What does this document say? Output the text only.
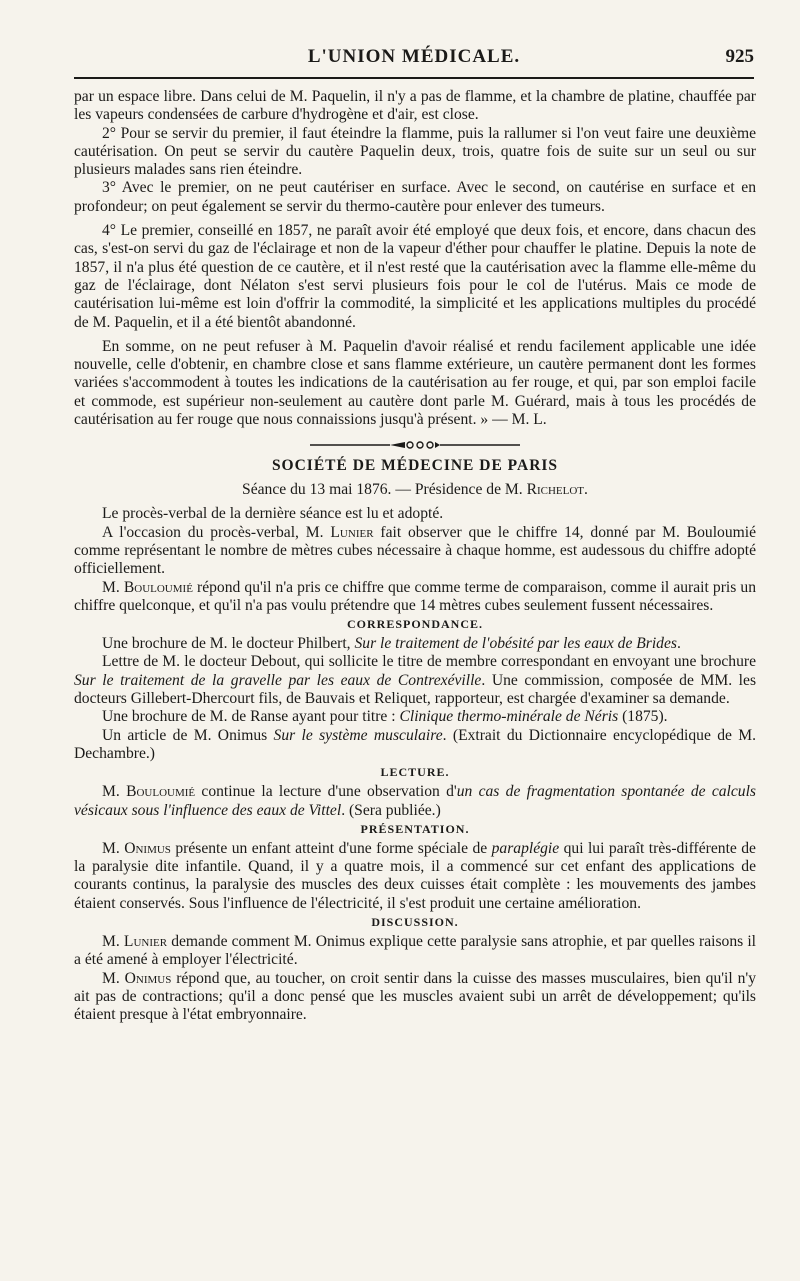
L'UNION MÉDICALE.	925

par un espace libre. Dans celui de M. Paquelin, il n'y a pas de flamme, et la chambre de platine, chauffée par les vapeurs condensées de carbure d'hydrogène et d'air, est close.

2° Pour se servir du premier, il faut éteindre la flamme, puis la rallumer si l'on veut faire une deuxième cautérisation. On peut se servir du cautère Paquelin deux, trois, quatre fois de suite sur un seul ou sur plusieurs malades sans rien éteindre.

3° Avec le premier, on ne peut cautériser en surface. Avec le second, on cautérise en surface et en profondeur; on peut également se servir du thermo-cautère pour enlever des tumeurs.

4° Le premier, conseillé en 1857, ne paraît avoir été employé que deux fois, et encore, dans chacun des cas, s'est-on servi du gaz de l'éclairage et non de la vapeur d'éther pour chauffer le platine. Depuis la note de 1857, il n'a plus été question de ce cautère, et il n'est resté que la cautérisation avec la flamme elle-même du gaz de l'éclairage, dont Nélaton s'est servi plusieurs fois pour le col de l'utérus. Mais ce mode de cautérisation lui-même est loin d'offrir la commodité, la simplicité et les applications multiples du procédé de M. Paquelin, et il a été bientôt abandonné.

En somme, on ne peut refuser à M. Paquelin d'avoir réalisé et rendu facilement applicable une idée nouvelle, celle d'obtenir, en chambre close et sans flamme extérieure, un cautère permanent dont les formes variées s'accommodent à toutes les indications de la cautérisation au fer rouge, et qui, par son emploi facile et commode, est supérieur non-seulement au cautère dont parle M. Guérard, mais à tous les procédés de cautérisation au fer rouge que nous connaissions jusqu'à présent. » — M. L.

SOCIÉTÉ DE MÉDECINE DE PARIS
Séance du 13 mai 1876. — Présidence de M. Richelot.

Le procès-verbal de la dernière séance est lu et adopté.

A l'occasion du procès-verbal, M. Lunier fait observer que le chiffre 14, donné par M. Bouloumié comme représentant le nombre de mètres cubes nécessaire à chaque homme, est audessous du chiffre adopté officiellement.

M. Bouloumié répond qu'il n'a pris ce chiffre que comme terme de comparaison, comme il aurait pris un chiffre quelconque, et qu'il n'a pas voulu prétendre que 14 mètres cubes seulement fussent nécessaires.

CORRESPONDANCE.

Une brochure de M. le docteur Philbert, Sur le traitement de l'obésité par les eaux de Brides.

Lettre de M. le docteur Debout, qui sollicite le titre de membre correspondant en envoyant une brochure Sur le traitement de la gravelle par les eaux de Contrexéville. Une commission, composée de MM. les docteurs Gillebert-Dhercourt fils, de Bauvais et Reliquet, rapporteur, est chargée d'examiner sa demande.

Une brochure de M. de Ranse ayant pour titre : Clinique thermo-minérale de Néris (1875).

Un article de M. Onimus Sur le système musculaire. (Extrait du Dictionnaire encyclopédique de M. Dechambre.)

LECTURE.

M. Bouloumié continue la lecture d'une observation d'un cas de fragmentation spontanée de calculs vésicaux sous l'influence des eaux de Vittel. (Sera publiée.)

PRÉSENTATION.

M. Onimus présente un enfant atteint d'une forme spéciale de paraplégie qui lui paraît très-différente de la paralysie dite infantile. Quand, il y a quatre mois, il a commencé sur cet enfant des applications de courants continus, la paralysie des muscles des deux cuisses était complète : les mouvements des jambes étaient conservés. Sous l'influence de l'électricité, il s'est produit une certaine amélioration.

DISCUSSION.

M. Lunier demande comment M. Onimus explique cette paralysie sans atrophie, et par quelles raisons il a été amené à employer l'électricité.

M. Onimus répond que, au toucher, on croit sentir dans la cuisse des masses musculaires, bien qu'il n'y ait pas de contractions; qu'il a donc pensé que les muscles avaient subi un arrêt de développement; qu'ils étaient presque à l'état embryonnaire.
